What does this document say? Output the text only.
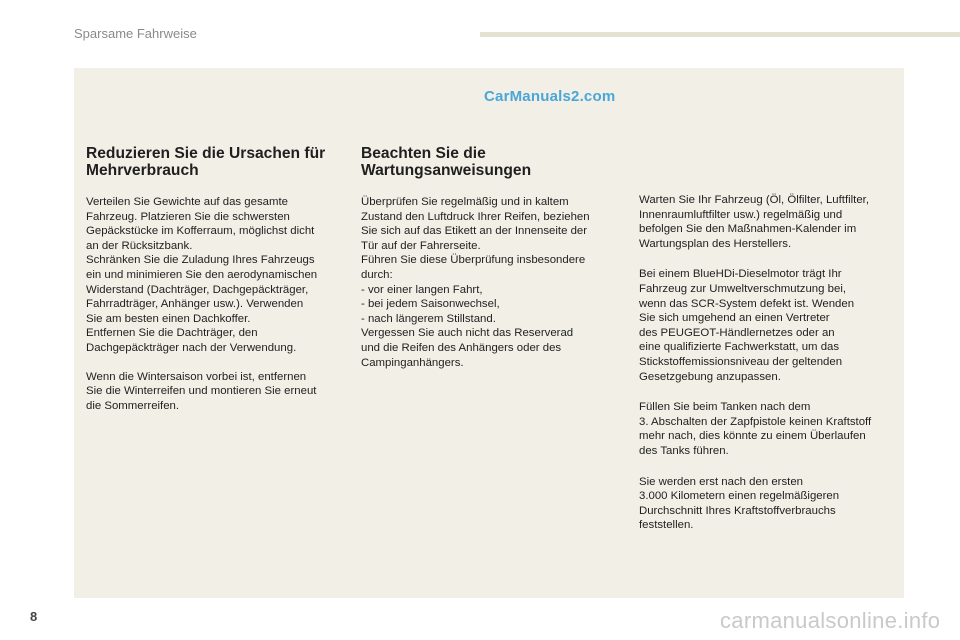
Sparsame Fahrweise
CarManuals2.com
Reduzieren Sie die Ursachen für Mehrverbrauch

Verteilen Sie Gewichte auf das gesamte
Fahrzeug. Platzieren Sie die schwersten
Gepäckstücke im Kofferraum, möglichst dicht
an der Rücksitzbank.
Schränken Sie die Zuladung Ihres Fahrzeugs
ein und minimieren Sie den aerodynamischen
Widerstand (Dachträger, Dachgepäckträger,
Fahrradträger, Anhänger usw.). Verwenden
Sie am besten einen Dachkoffer.
Entfernen Sie die Dachträger, den
Dachgepäckträger nach der Verwendung.

Wenn die Wintersaison vorbei ist, entfernen
Sie die Winterreifen und montieren Sie erneut
die Sommerreifen.

Beachten Sie die Wartungsanweisungen

Überprüfen Sie regelmäßig und in kaltem
Zustand den Luftdruck Ihrer Reifen, beziehen
Sie sich auf das Etikett an der Innenseite der
Tür auf der Fahrerseite.
Führen Sie diese Überprüfung insbesondere
durch:
- vor einer langen Fahrt,
- bei jedem Saisonwechsel,
- nach längerem Stillstand.
Vergessen Sie auch nicht das Reserverad
und die Reifen des Anhängers oder des
Campinganhängers.

Warten Sie Ihr Fahrzeug (Öl, Ölfilter, Luftfilter,
Innenraumluftfilter usw.) regelmäßig und
befolgen Sie den Maßnahmen-Kalender im
Wartungsplan des Herstellers.

Bei einem BlueHDi-Dieselmotor trägt Ihr
Fahrzeug zur Umweltverschmutzung bei,
wenn das SCR-System defekt ist. Wenden
Sie sich umgehend an einen Vertreter
des PEUGEOT-Händlernetzes oder an
eine qualifizierte Fachwerkstatt, um das
Stickstoffemissionsniveau der geltenden
Gesetzgebung anzupassen.

Füllen Sie beim Tanken nach dem
3. Abschalten der Zapfpistole keinen Kraftstoff
mehr nach, dies könnte zu einem Überlaufen
des Tanks führen.

Sie werden erst nach den ersten
3.000 Kilometern einen regelmäßigeren
Durchschnitt Ihres Kraftstoffverbrauchs
feststellen.

8	carmanualsonline.info
